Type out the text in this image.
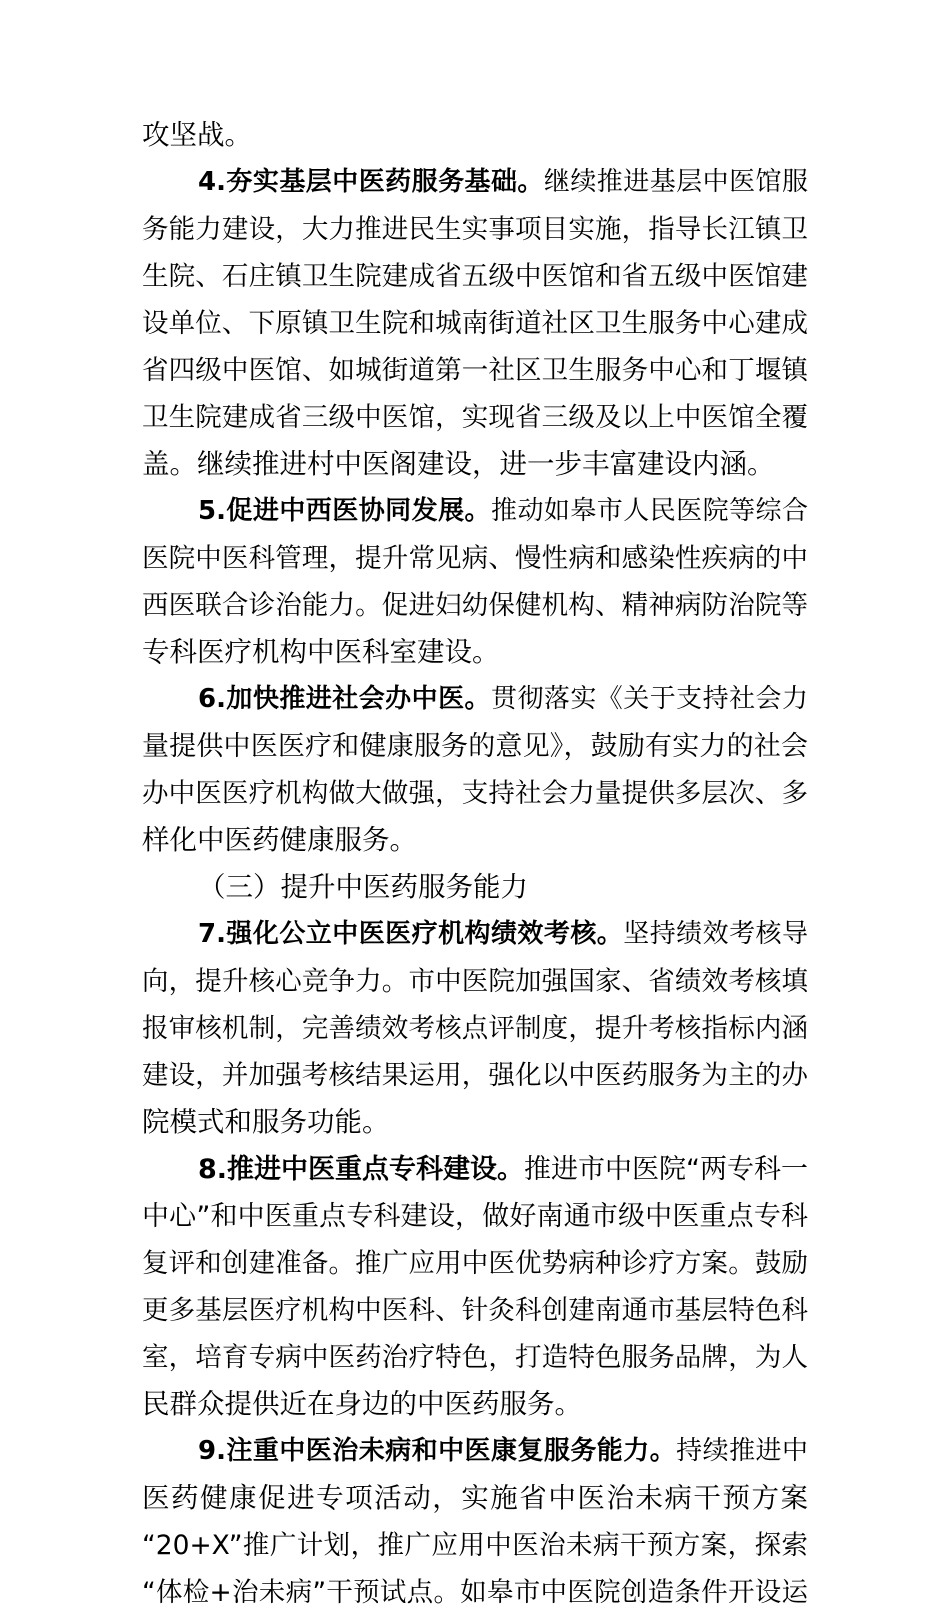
攻坚战。
4.夯实基层中医药服务基础。继续推进基层中医馆服
务能力建设，大力推进民生实事项目实施，指导长江镇卫
生院、石庄镇卫生院建成省五级中医馆和省五级中医馆建
设单位、下原镇卫生院和城南街道社区卫生服务中心建成
省四级中医馆、如城街道第一社区卫生服务中心和丁堰镇
卫生院建成省三级中医馆，实现省三级及以上中医馆全覆
盖。继续推进村中医阁建设，进一步丰富建设内涵。
5.促进中西医协同发展。推动如皋市人民医院等综合
医院中医科管理，提升常见病、慢性病和感染性疾病的中
西医联合诊治能力。促进妇幼保健机构、精神病防治院等
专科医疗机构中医科室建设。
6.加快推进社会办中医。贯彻落实《关于支持社会力
量提供中医医疗和健康服务的意见》，鼓励有实力的社会
办中医医疗机构做大做强，支持社会力量提供多层次、多
样化中医药健康服务。
（三）提升中医药服务能力
7.强化公立中医医疗机构绩效考核。坚持绩效考核导
向，提升核心竞争力。市中医院加强国家、省绩效考核填
报审核机制，完善绩效考核点评制度，提升考核指标内涵
建设，并加强考核结果运用，强化以中医药服务为主的办
院模式和服务功能。
8.推进中医重点专科建设。推进市中医院“两专科一
中心”和中医重点专科建设，做好南通市级中医重点专科
复评和创建准备。推广应用中医优势病种诊疗方案。鼓励
更多基层医疗机构中医科、针灸科创建南通市基层特色科
室，培育专病中医药治疗特色，打造特色服务品牌，为人
民群众提供近在身边的中医药服务。
9.注重中医治未病和中医康复服务能力。持续推进中
医药健康促进专项活动，实施省中医治未病干预方案
“20+X”推广计划，推广应用中医治未病干预方案，探索
“体检+治未病”干预试点。如皋市中医院创造条件开设运
